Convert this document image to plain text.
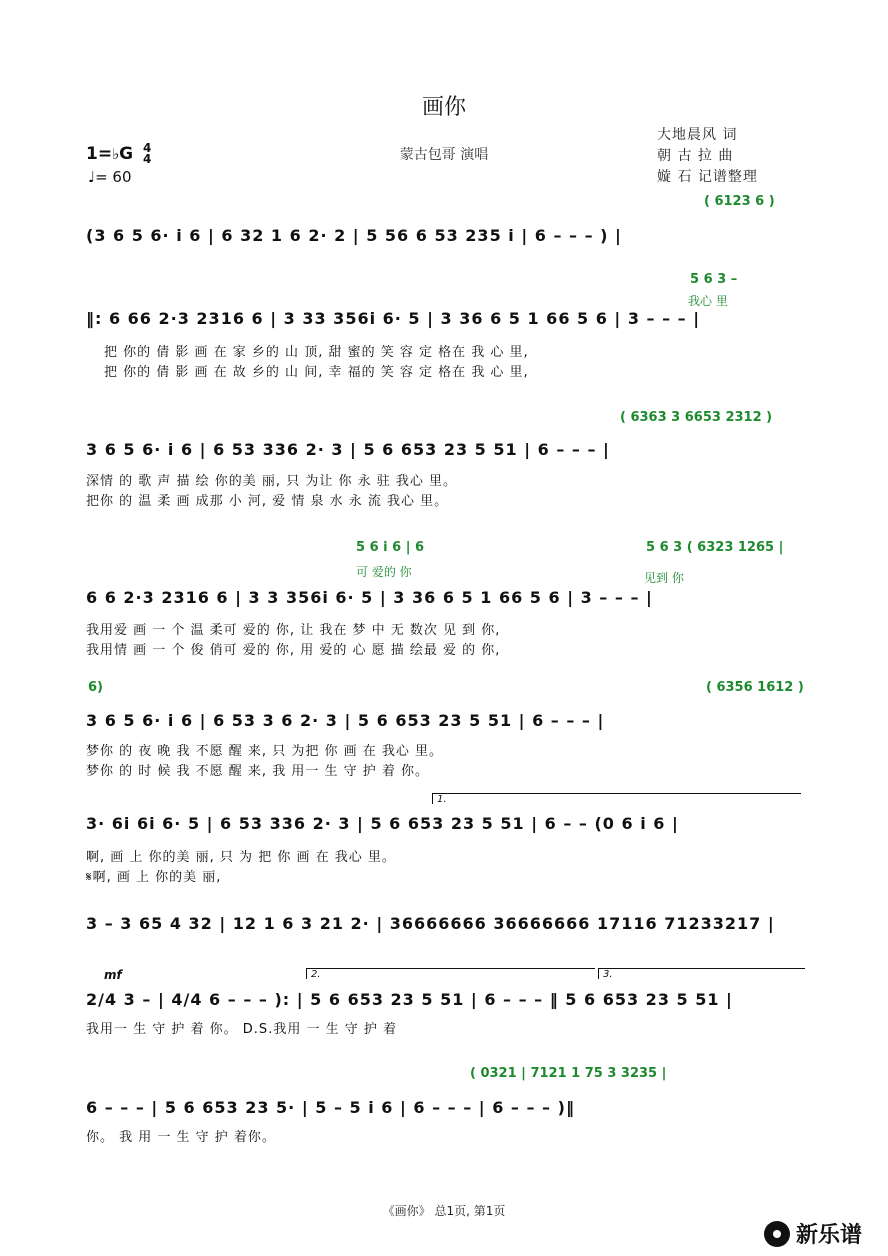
画你
1=♭G 4
4
♩= 60
蒙古包哥 演唱
大地晨风 词
朝 古 拉 曲
嫙 石 记谱整理
( 6123 6 )
(3 6 5 6· i 6 | 6 32 1 6 2· 2 | 5 56 6 53 235 i | 6 – – – ) |
5 6 3 –
我心 里
‖: 6 66 2·3 2316 6 | 3 33 356i 6· 5 | 3 36 6 5 1 66 5 6 | 3 – – – |
把 你的 倩 影 画 在 家 乡的 山 顶, 甜 蜜的 笑 容 定 格在 我 心 里,
把 你的 倩 影 画 在 故 乡的 山 间, 幸 福的 笑 容 定 格在 我 心 里,
( 6363 3 6653 2312 )
3 6 5 6· i 6 | 6 53 336 2· 3 | 5 6 653 23 5 51 | 6 – – – |
深情 的 歌 声 描 绘 你的美 丽, 只 为让 你 永 驻 我心 里。
把你 的 温 柔 画 成那 小 河, 爱 情 泉 水 永 流 我心 里。
5 6 i 6 | 6
可 爱的 你
5 6 3 ( 6323 1265 |
见到 你
6 6 2·3 2316 6 | 3 3 356i 6· 5 | 3 36 6 5 1 66 5 6 | 3 – – – |
我用爱 画 一 个 温 柔可 爱的 你, 让 我在 梦 中 无 数次 见 到 你,
我用情 画 一 个 俊 俏可 爱的 你, 用 爱的 心 愿 描 绘最 爱 的 你,
6)	( 6356 1612 )
3 6 5 6· i 6 | 6 53 3 6 2· 3 | 5 6 653 23 5 51 | 6 – – – |
梦你 的 夜 晚 我 不愿 醒 来, 只 为把 你 画 在 我心 里。
梦你 的 时 候 我 不愿 醒 来, 我 用一 生 守 护 着 你。
1.
3· 6i 6i 6· 5 | 6 53 336 2· 3 | 5 6 653 23 5 51 | 6 – – (0 6 i 6 |
啊, 画 上 你的美 丽, 只 为 把 你 画 在 我心 里。
𝄋啊, 画 上 你的美 丽,
3 – 3 65 4 32 | 12 1 6 3 21 2· | 36666666 36666666 17116 71233217 |
mf	2.	3.
2/4 3 – | 4/4 6 – – – ): | 5 6 653 23 5 51 | 6 – – – ‖ 5 6 653 23 5 51 |
我用一 生 守 护 着 你。 D.S.我用 一 生 守 护 着
( 0321 | 7121 1 75 3 3235 |
6 – – – | 5 6 653 23 5· | 5 – 5 i 6 | 6 – – – | 6 – – – )‖
你。 我 用 一 生 守 护 着你。
《画你》 总1页, 第1页
新乐谱
